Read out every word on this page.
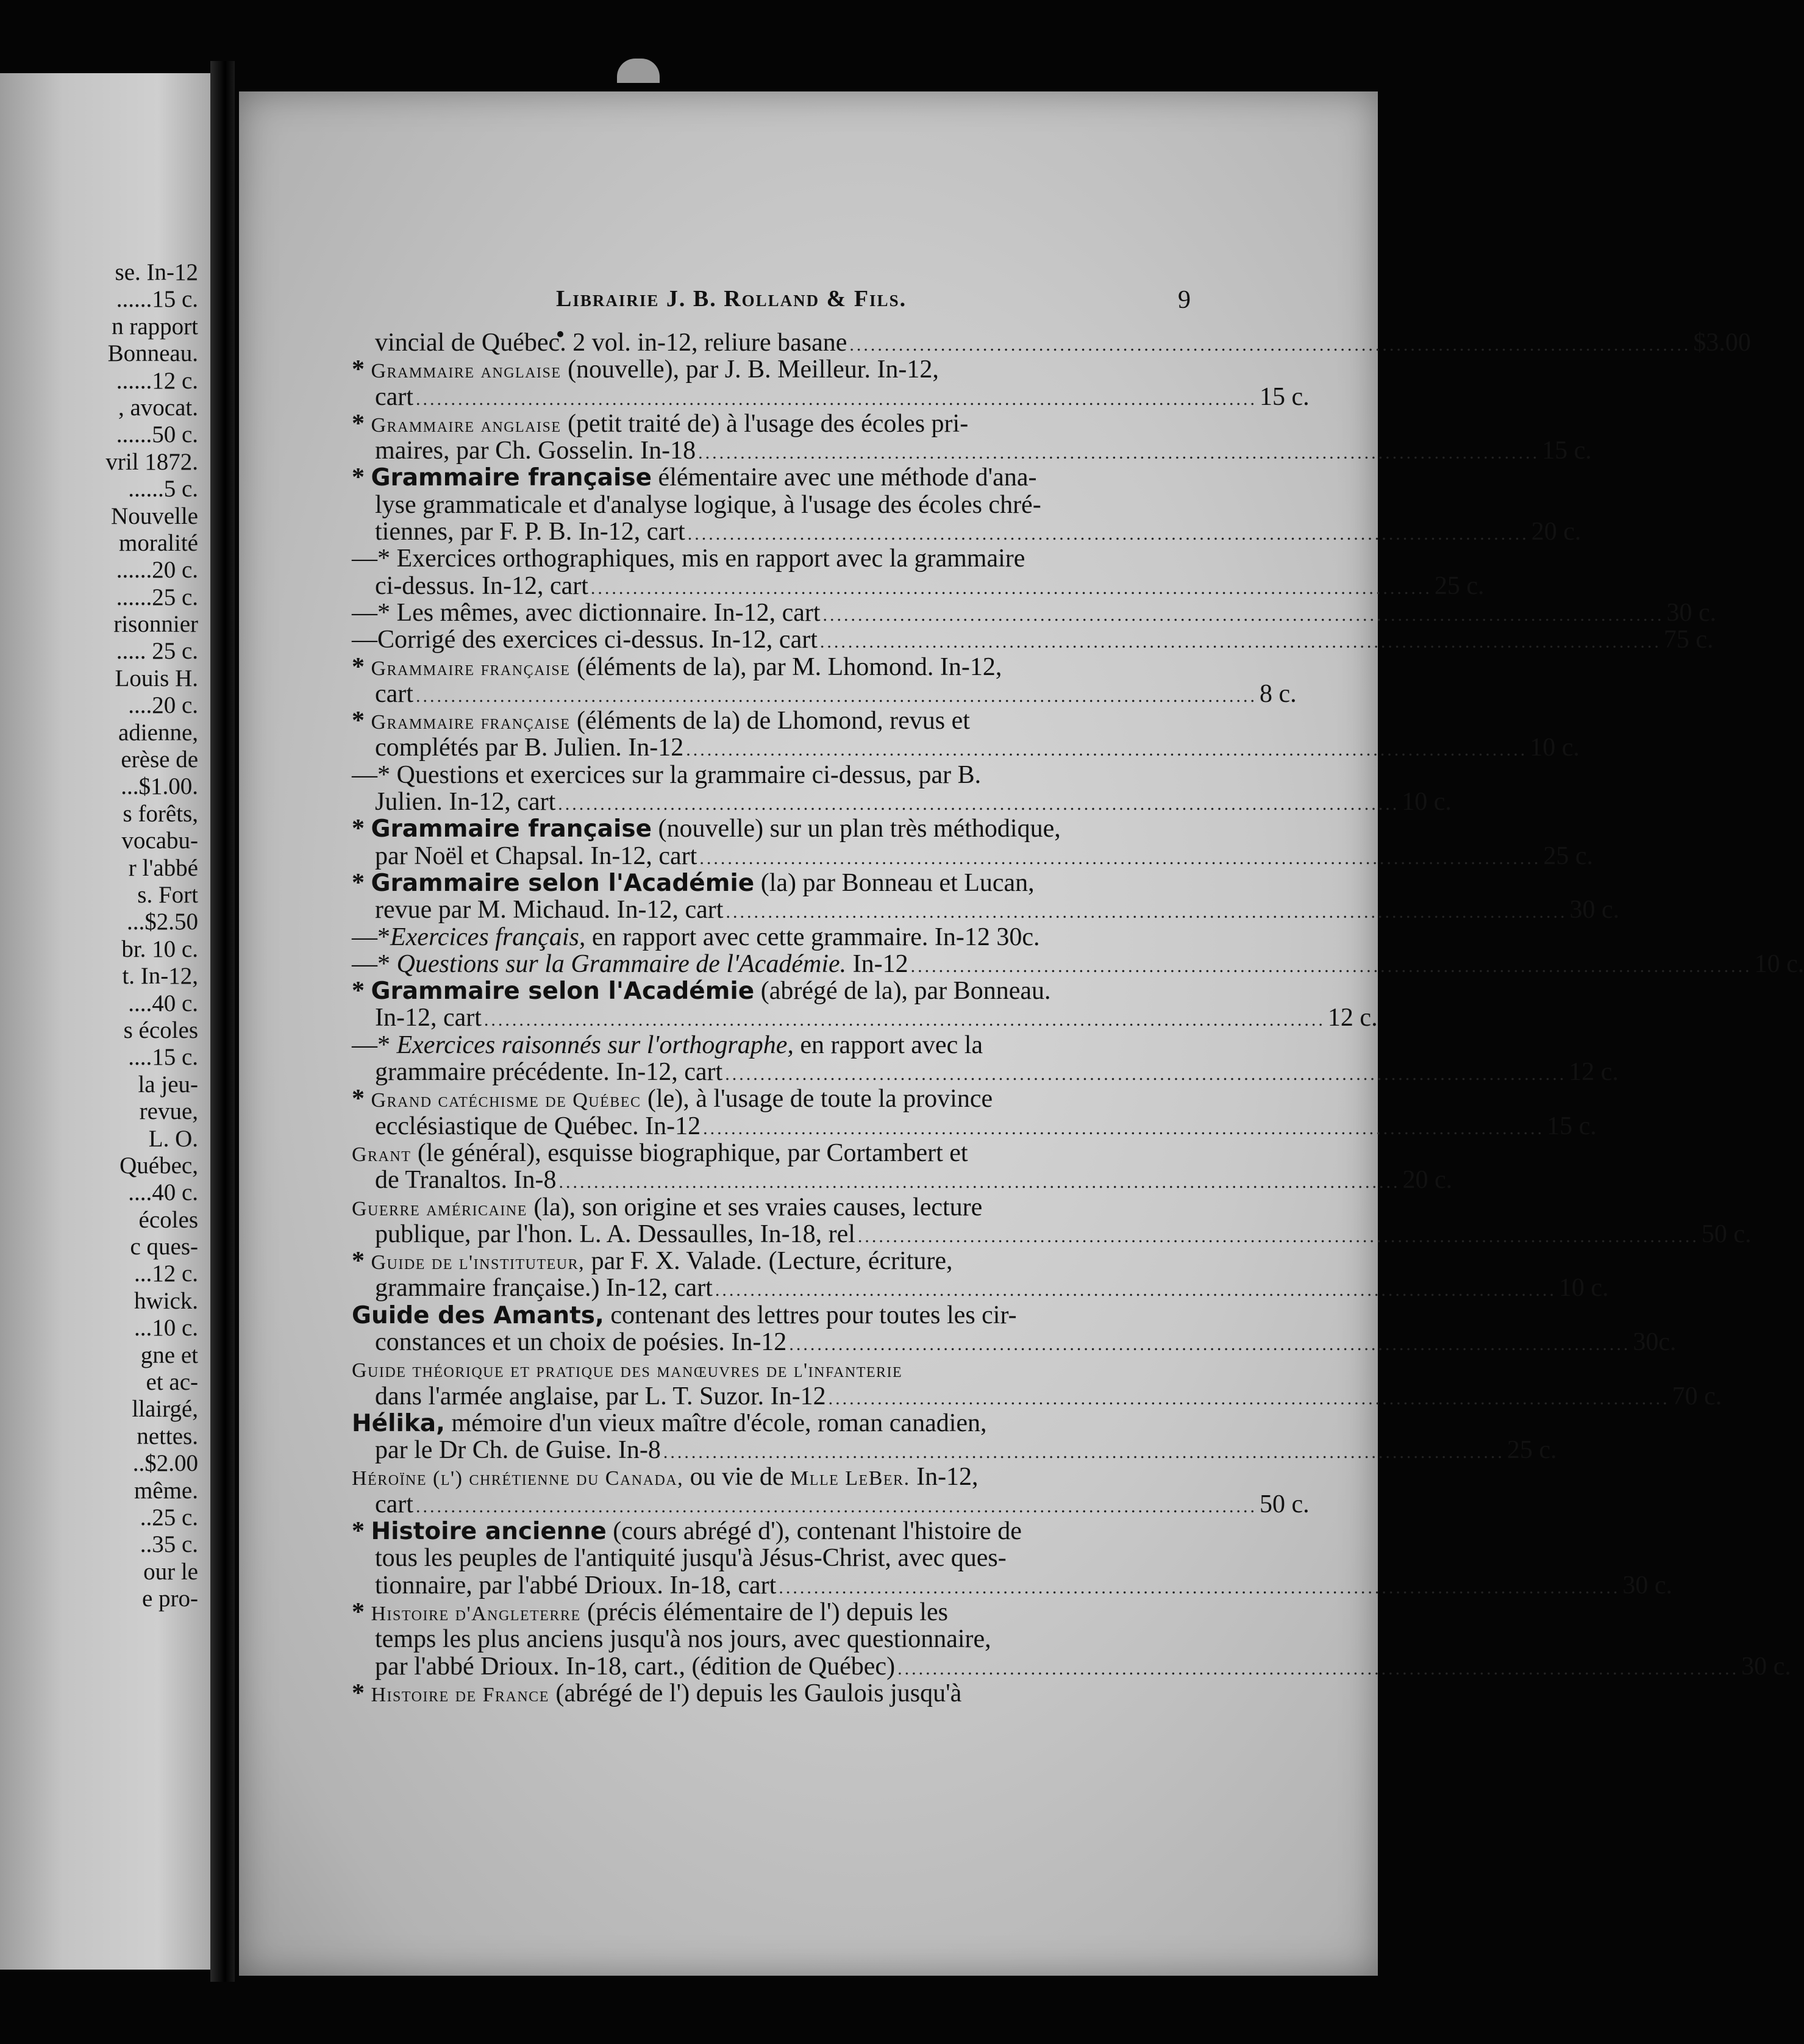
se. In-12
......15 c.
n rapport
Bonneau.
......12 c.
, avocat.
......50 c.
vril 1872.
......5 c.
Nouvelle
moralité
......20 c.
......25 c.
risonnier
..... 25 c.
Louis H.
....20 c.
adienne,
erèse de
...$1.00.
s forêts,
vocabu-
r l'abbé
s. Fort
...$2.50
br. 10 c.
t. In-12,
....40 c.
s écoles
....15 c.
la jeu-
revue,
L. O.
Québec,
....40 c.
écoles
c ques-
...12 c.
hwick.
...10 c.
gne et
et ac-
llairgé,
nettes.
..$2.00
même.
..25 c.
..35 c.
our le
e pro-
Librairie J. B. Rolland & Fils.	9
vincial de Québec. 2 vol. in-12, reliure basane ........................................................................................................................ $3.00
* Grammaire anglaise (nouvelle), par J. B. Meilleur. In-12,
cart ........................................................................................................................ 15 c.
* Grammaire anglaise (petit traité de) à l'usage des écoles pri-
maires, par Ch. Gosselin. In-18 ........................................................................................................................ 15 c.
* Grammaire française élémentaire avec une méthode d'ana-
lyse grammaticale et d'analyse logique, à l'usage des écoles chré-
tiennes, par F. P. B. In-12, cart ........................................................................................................................ 20 c.
—* Exercices orthographiques, mis en rapport avec la grammaire
ci-dessus. In-12, cart ........................................................................................................................ 25 c.
—* Les mêmes, avec dictionnaire. In-12, cart ........................................................................................................................ 30 c.
—Corrigé des exercices ci-dessus. In-12, cart ........................................................................................................................ 75 c.
* Grammaire française (éléments de la), par M. Lhomond. In-12,
cart ........................................................................................................................ 8 c.
* Grammaire française (éléments de la) de Lhomond, revus et
complétés par B. Julien. In-12 ........................................................................................................................ 10 c.
—* Questions et exercices sur la grammaire ci-dessus, par B.
Julien. In-12, cart ........................................................................................................................ 10 c.
* Grammaire française (nouvelle) sur un plan très méthodique,
par Noël et Chapsal. In-12, cart ........................................................................................................................ 25 c.
* Grammaire selon l'Académie (la) par Bonneau et Lucan,
revue par M. Michaud. In-12, cart ........................................................................................................................ 30 c.
—*Exercices français, en rapport avec cette grammaire. In-12 30c.
—* Questions sur la Grammaire de l'Académie. In-12 ........................................................................................................................ 10 c.
* Grammaire selon l'Académie (abrégé de la), par Bonneau.
In-12, cart ........................................................................................................................ 12 c.
—* Exercices raisonnés sur l'orthographe, en rapport avec la
grammaire précédente. In-12, cart ........................................................................................................................ 12 c.
* Grand catéchisme de Québec (le), à l'usage de toute la province
ecclésiastique de Québec. In-12 ........................................................................................................................ 15 c.
Grant (le général), esquisse biographique, par Cortambert et
de Tranaltos. In-8 ........................................................................................................................ 20 c.
Guerre américaine (la), son origine et ses vraies causes, lecture
publique, par l'hon. L. A. Dessaulles, In-18, rel ........................................................................................................................ 50 c.
* Guide de l'instituteur, par F. X. Valade. (Lecture, écriture,
grammaire française.) In-12, cart ........................................................................................................................ 10 c.
Guide des Amants, contenant des lettres pour toutes les cir-
constances et un choix de poésies. In-12 ........................................................................................................................ 30c.
Guide théorique et pratique des manœuvres de l'infanterie
dans l'armée anglaise, par L. T. Suzor. In-12 ........................................................................................................................ 70 c.
Hélika, mémoire d'un vieux maître d'école, roman canadien,
par le Dr Ch. de Guise. In-8 ........................................................................................................................ 25 c.
Héroïne (l') chrétienne du Canada, ou vie de Mlle LeBer. In-12,
cart ........................................................................................................................ 50 c.
* Histoire ancienne (cours abrégé d'), contenant l'histoire de
tous les peuples de l'antiquité jusqu'à Jésus-Christ, avec ques-
tionnaire, par l'abbé Drioux. In-18, cart ........................................................................................................................ 30 c.
* Histoire d'Angleterre (précis élémentaire de l') depuis les
temps les plus anciens jusqu'à nos jours, avec questionnaire,
par l'abbé Drioux. In-18, cart., (édition de Québec) ........................................................................................................................ 30 c.
* Histoire de France (abrégé de l') depuis les Gaulois jusqu'à
